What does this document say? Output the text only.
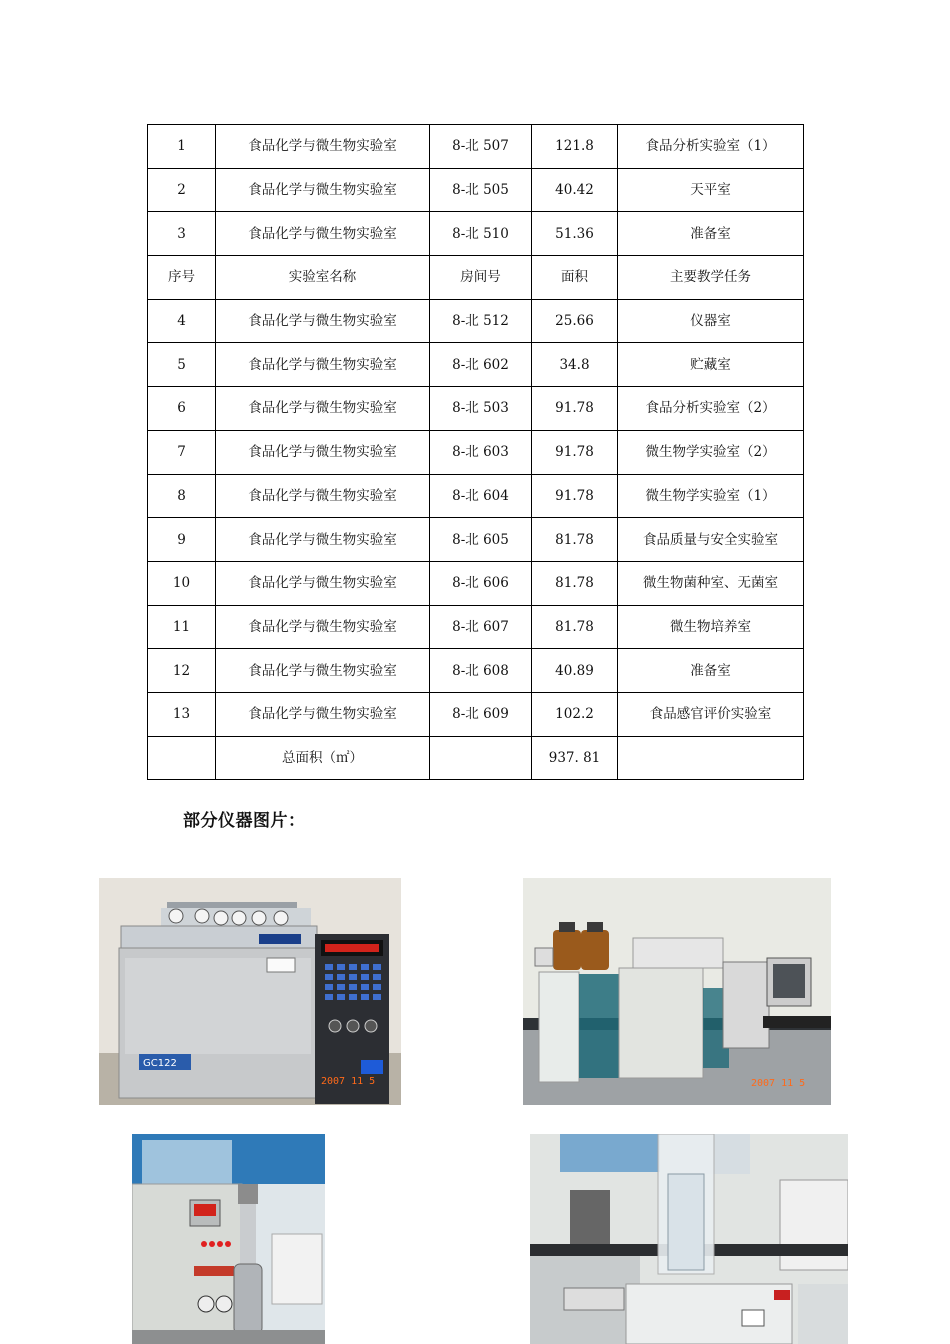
1	食品化学与微生物实验室	8-北 507	121.8	食品分析实验室（1）
2	食品化学与微生物实验室	8-北 505	40.42	天平室
3	食品化学与微生物实验室	8-北 510	51.36	准备室
序号	实验室名称	房间号	面积	主要教学任务
4	食品化学与微生物实验室	8-北 512	25.66	仪器室
5	食品化学与微生物实验室	8-北 602	34.8	贮藏室
6	食品化学与微生物实验室	8-北 503	91.78	食品分析实验室（2）
7	食品化学与微生物实验室	8-北 603	91.78	微生物学实验室（2）
8	食品化学与微生物实验室	8-北 604	91.78	微生物学实验室（1）
9	食品化学与微生物实验室	8-北 605	81.78	食品质量与安全实验室
10	食品化学与微生物实验室	8-北 606	81.78	微生物菌种室、无菌室
11	食品化学与微生物实验室	8-北 607	81.78	微生物培养室
12	食品化学与微生物实验室	8-北 608	40.89	准备室
13	食品化学与微生物实验室	8-北 609	102.2	食品感官评价实验室
	总面积（㎡）		937. 81	
部分仪器图片：
GC122
2007 11 5	2007 11 5
